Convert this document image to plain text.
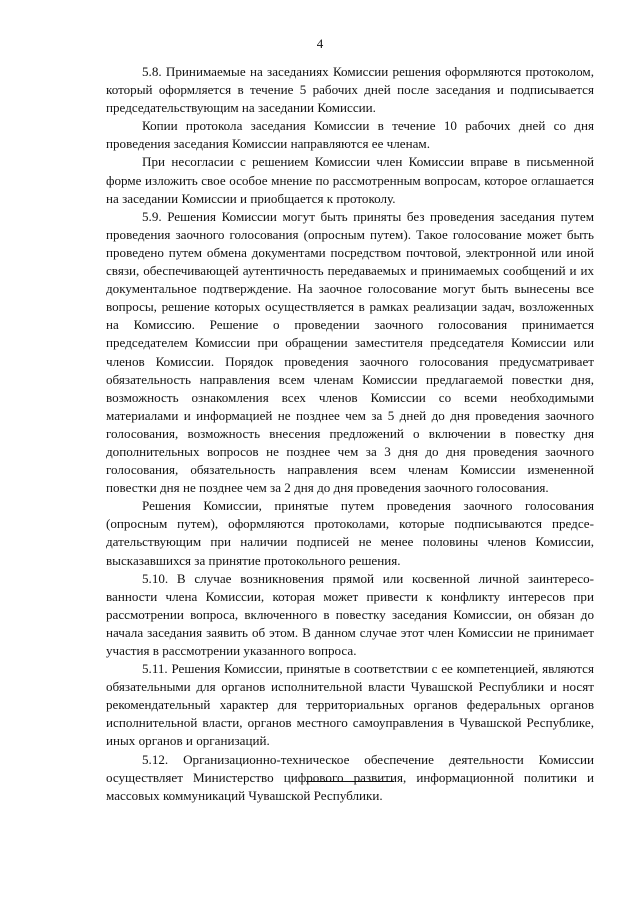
4

5.8. Принимаемые на заседаниях Комиссии решения оформляются протоколом, который оформляется в течение 5 рабочих дней после заседания и подписывается председательствующим на заседании Комиссии.

Копии протокола заседания Комиссии в течение 10 рабочих дней со дня проведения заседания Комиссии направляются ее членам.

При несогласии с решением Комиссии член Комиссии вправе в письменной форме изложить свое особое мнение по рассмотренным вопросам, которое оглашается на заседании Комиссии и приобщается к протоколу.

5.9. Решения Комиссии могут быть приняты без проведения заседания путем проведения заочного голосования (опросным путем). Такое голосование может быть проведено путем обмена документами посредством почтовой, электронной или иной связи, обеспечивающей аутентичность передаваемых и принимаемых сообщений и их документальное подтверждение. На заочное голосование могут быть вынесены все вопросы, решение которых осуществляется в рамках реализации задач, возложенных на Комиссию. Решение о проведении заочного голосования принимается председателем Комиссии при обращении заместителя председателя Комиссии или членов Комиссии. Порядок проведения заочного голосования предусматривает обязательность направления всем членам Комиссии предлагаемой повестки дня, возможность ознакомления всех членов Комиссии со всеми необходимыми материалами и информацией не позднее чем за 5 дней до дня проведения заочного голосования, возможность внесения предложений о включении в повестку дня дополнительных вопросов не позднее чем за 3 дня до дня проведения заочного голосования, обязательность направления всем членам Комиссии измененной повестки дня не позднее чем за 2 дня до дня проведения заочного голосования.

Решения Комиссии, принятые путем проведения заочного голосования (опросным путем), оформляются протоколами, которые подписываются председательствующим при наличии подписей не менее половины членов Комиссии, высказавшихся за принятие протокольного решения.

5.10. В случае возникновения прямой или косвенной личной заинтересованности члена Комиссии, которая может привести к конфликту интересов при рассмотрении вопроса, включенного в повестку заседания Комиссии, он обязан до начала заседания заявить об этом. В данном случае этот член Комиссии не принимает участия в рассмотрении указанного вопроса.

5.11. Решения Комиссии, принятые в соответствии с ее компетенцией, являются обязательными для органов исполнительной власти Чувашской Республики и носят рекомендательный характер для территориальных органов федеральных органов исполнительной власти, органов местного самоуправления в Чувашской Республике, иных органов и организаций.

5.12. Организационно-техническое обеспечение деятельности Комиссии осуществляет Министерство цифрового развития, информационной политики и массовых коммуникаций Чувашской Республики.
